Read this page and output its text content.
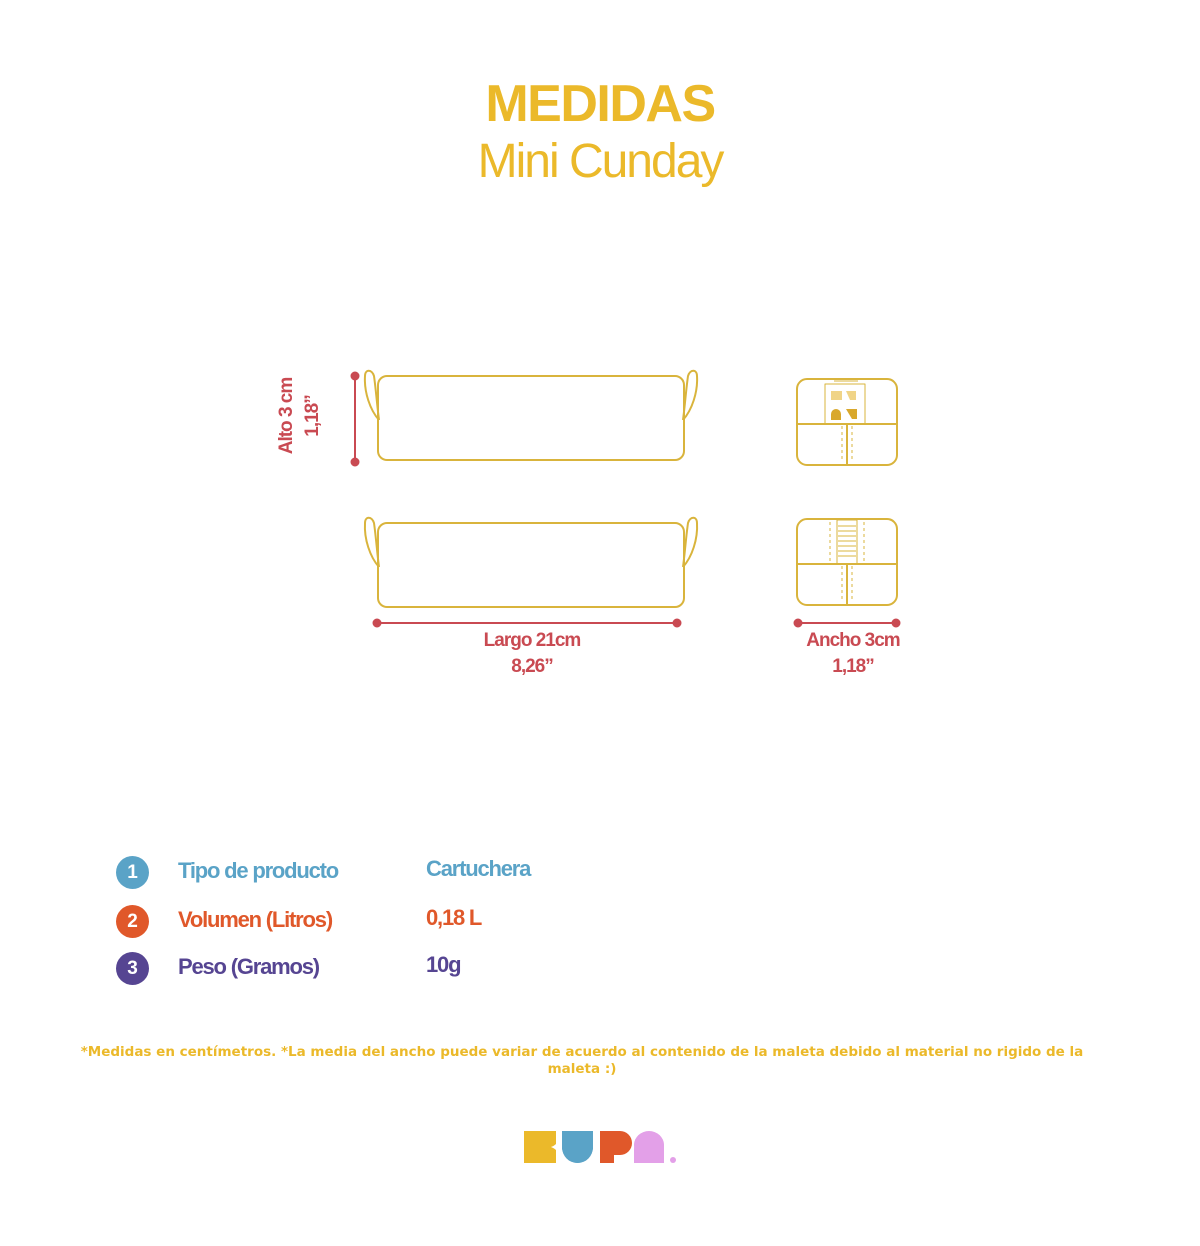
MEDIDAS
Mini Cunday
Alto 3 cm 1,18”
Largo 21cm
8,26”
Ancho 3cm
1,18”
1	Tipo de producto	Cartuchera
2	Volumen (Litros)	0,18 L
3	Peso (Gramos)	10g

*Medidas en centímetros. *La media del ancho puede variar de acuerdo al contenido de la maleta debido al material no rigido de la maleta :)
